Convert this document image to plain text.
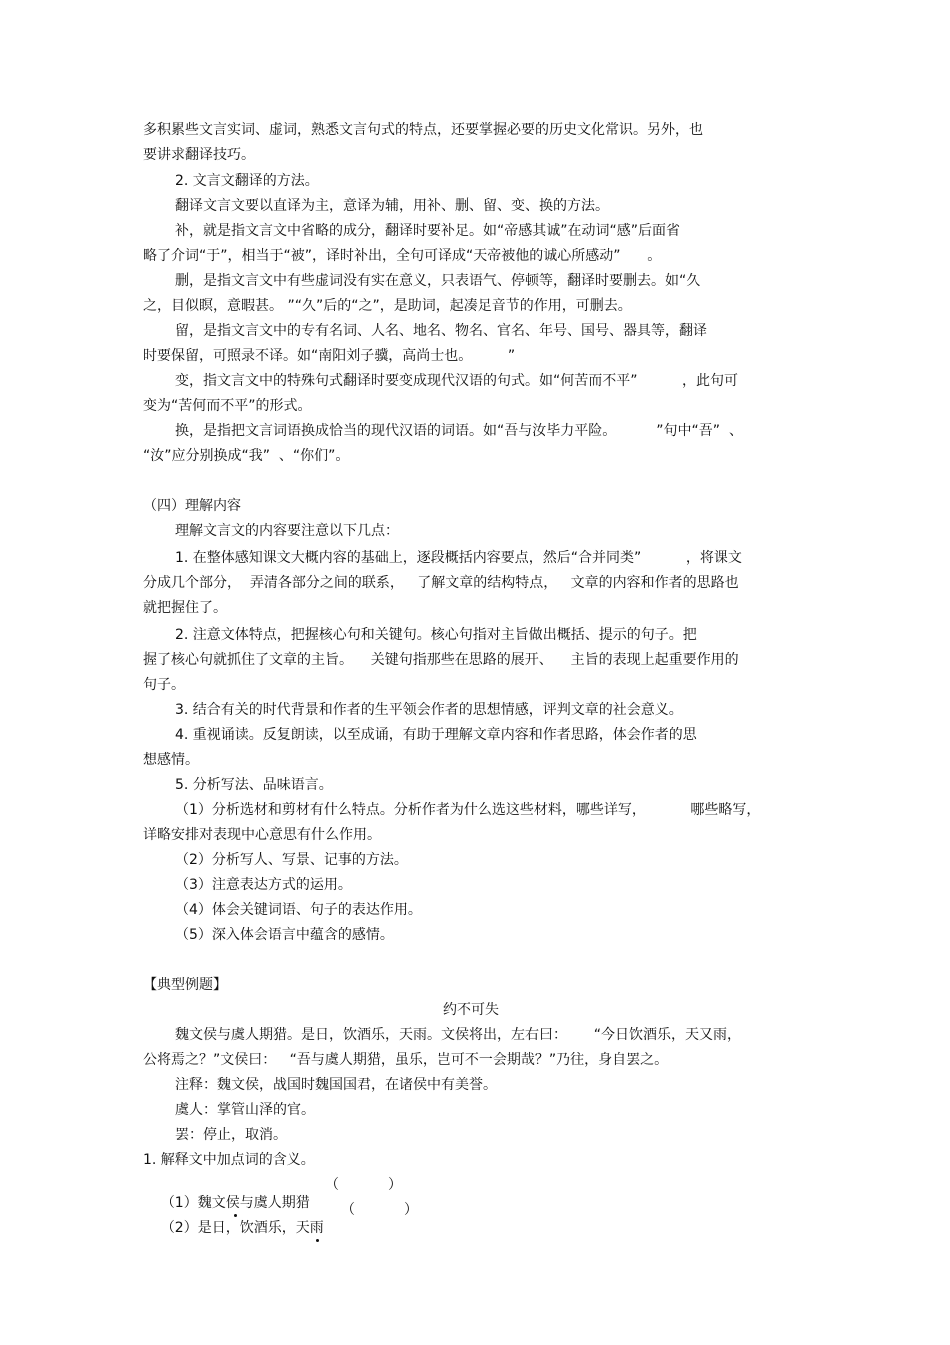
多积累些文言实词、虚词，熟悉文言句式的特点，还要掌握必要的历史文化常识。另外，也
要讲求翻译技巧。
2. 文言文翻译的方法。
翻译文言文要以直译为主，意译为辅，用补、删、留、变、换的方法。
补，就是指文言文中省略的成分，翻译时要补足。如“帝感其诚”在动词“感”后面省
略了介词“于”，相当于“被”，译时补出，全句可译成“天帝被他的诚心所感动”      。
删，是指文言文中有些虚词没有实在意义，只表语气、停顿等，翻译时要删去。如“久
之，目似瞑，意暇甚。 ”“久”后的“之”，是助词，起凑足音节的作用，可删去。
留，是指文言文中的专有名词、人名、地名、物名、官名、年号、国号、器具等，翻译
时要保留，可照录不译。如“南阳刘子骥，高尚士也。        ”
变，指文言文中的特殊句式翻译时要变成现代汉语的句式。如“何苦而不平”          ，此句可
变为“苦何而不平”的形式。
换，是指把文言词语换成恰当的现代汉语的词语。如“吾与汝毕力平险。         ”句中“吾”  、
“汝”应分别换成“我”  、“你们”。
（四）理解内容
理解文言文的内容要注意以下几点：
1. 在整体感知课文大概内容的基础上，逐段概括内容要点，然后“合并同类”          ，将课文
分成几个部分，  弄清各部分之间的联系，   了解文章的结构特点，   文章的内容和作者的思路也
就把握住了。
2. 注意文体特点，把握核心句和关键句。核心句指对主旨做出概括、提示的句子。把
握了核心句就抓住了文章的主旨。    关键句指那些在思路的展开、    主旨的表现上起重要作用的
句子。
3. 结合有关的时代背景和作者的生平领会作者的思想情感，评判文章的社会意义。
4. 重视诵读。反复朗读，以至成诵，有助于理解文章内容和作者思路，体会作者的思
想感情。
5. 分析写法、品味语言。
（1）分析选材和剪材有什么特点。分析作者为什么选这些材料，哪些详写，          哪些略写，
详略安排对表现中心意思有什么作用。
（2）分析写人、写景、记事的方法。
（3）注意表达方式的运用。
（4）体会关键词语、句子的表达作用。
（5）深入体会语言中蕴含的感情。
【典型例题】
约不可失
魏文侯与虞人期猎。是日，饮酒乐，天雨。文侯将出，左右曰：      “今日饮酒乐，天又雨，
公将焉之？”文侯曰：   “吾与虞人期猎，虽乐，岂可不一会期哉？”乃往，身自罢之。
注释：魏文侯，战国时魏国国君，在诸侯中有美誉。
虞人：掌管山泽的官。
罢：停止，取消。
1. 解释文中加点词的含义。

（1）魏文侯与虞人期猎

（           ）

（2）是日，饮酒乐，天雨

（           ）
